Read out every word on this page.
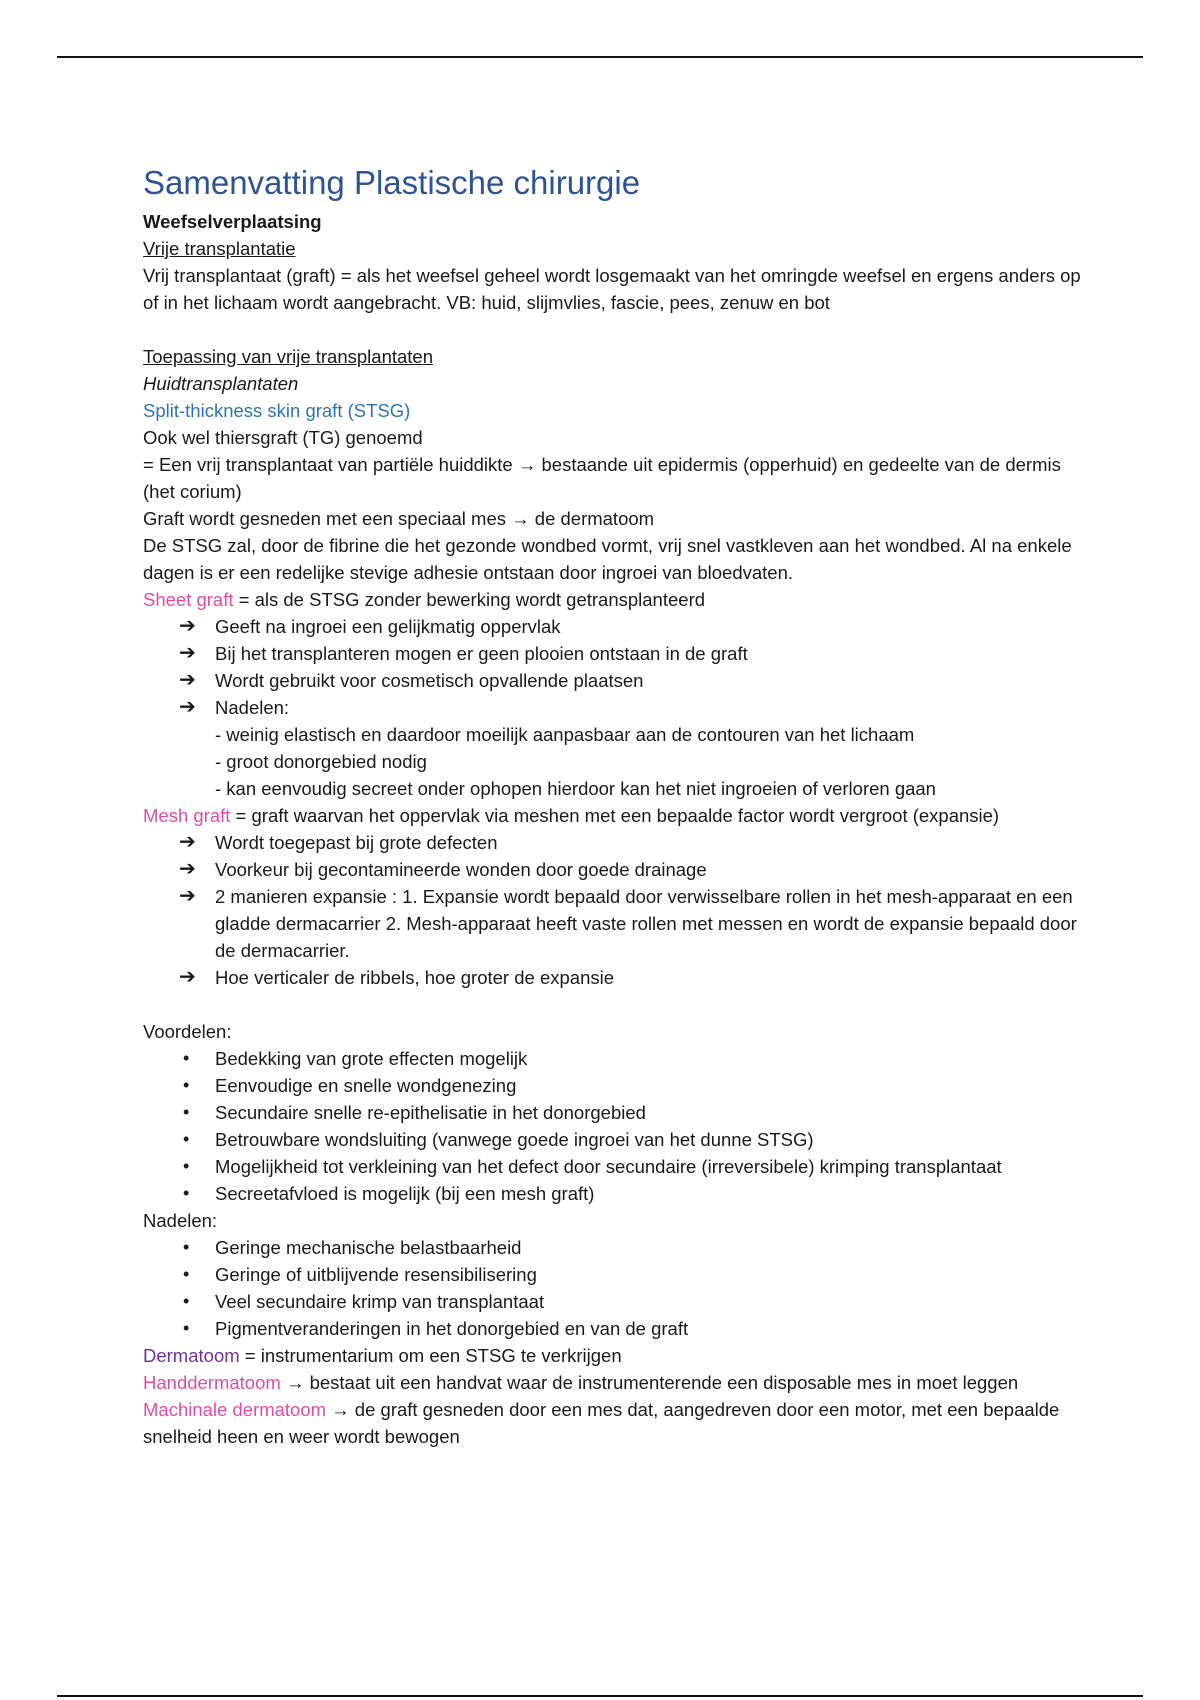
Samenvatting Plastische chirurgie

Weefselverplaatsing

Vrije transplantatie

Vrij transplantaat (graft) = als het weefsel geheel wordt losgemaakt van het omringde weefsel en ergens anders op of in het lichaam wordt aangebracht. VB: huid, slijmvlies, fascie, pees, zenuw en bot

Toepassing van vrije transplantaten

Huidtransplantaten

Split-thickness skin graft (STSG)

Ook wel thiersgraft (TG) genoemd

= Een vrij transplantaat van partiële huiddikte → bestaande uit epidermis (opperhuid) en gedeelte van de dermis (het corium)

Graft wordt gesneden met een speciaal mes → de dermatoom

De STSG zal, door de fibrine die het gezonde wondbed vormt, vrij snel vastkleven aan het wondbed. Al na enkele dagen is er een redelijke stevige adhesie ontstaan door ingroei van bloedvaten.

Sheet graft = als de STSG zonder bewerking wordt getransplanteerd

➔	Geeft na ingroei een gelijkmatig oppervlak
➔	Bij het transplanteren mogen er geen plooien ontstaan in de graft
➔	Wordt gebruikt voor cosmetisch opvallende plaatsen
➔	Nadelen:

- weinig elastisch en daardoor moeilijk aanpasbaar aan de contouren van het lichaam

- groot donorgebied nodig

- kan eenvoudig secreet onder ophopen hierdoor kan het niet ingroeien of verloren gaan

Mesh graft = graft waarvan het oppervlak via meshen met een bepaalde factor wordt vergroot (expansie)

➔	Wordt toegepast bij grote defecten
➔	Voorkeur bij gecontamineerde wonden door goede drainage
➔	2 manieren expansie : 1. Expansie wordt bepaald door verwisselbare rollen in het mesh-apparaat en een gladde dermacarrier 2. Mesh-apparaat heeft vaste rollen met messen en wordt de expansie bepaald door de dermacarrier.
➔	Hoe verticaler de ribbels, hoe groter de expansie

Voordelen:

•	Bedekking van grote effecten mogelijk
•	Eenvoudige en snelle wondgenezing
•	Secundaire snelle re-epithelisatie in het donorgebied
•	Betrouwbare wondsluiting (vanwege goede ingroei van het dunne STSG)
•	Mogelijkheid tot verkleining van het defect door secundaire (irreversibele) krimping transplantaat
•	Secreetafvloed is mogelijk (bij een mesh graft)

Nadelen:

•	Geringe mechanische belastbaarheid
•	Geringe of uitblijvende resensibilisering
•	Veel secundaire krimp van transplantaat
•	Pigmentveranderingen in het donorgebied en van de graft

Dermatoom = instrumentarium om een STSG te verkrijgen

Handdermatoom → bestaat uit een handvat waar de instrumenterende een disposable mes in moet leggen

Machinale dermatoom → de graft gesneden door een mes dat, aangedreven door een motor, met een bepaalde snelheid heen en weer wordt bewogen
